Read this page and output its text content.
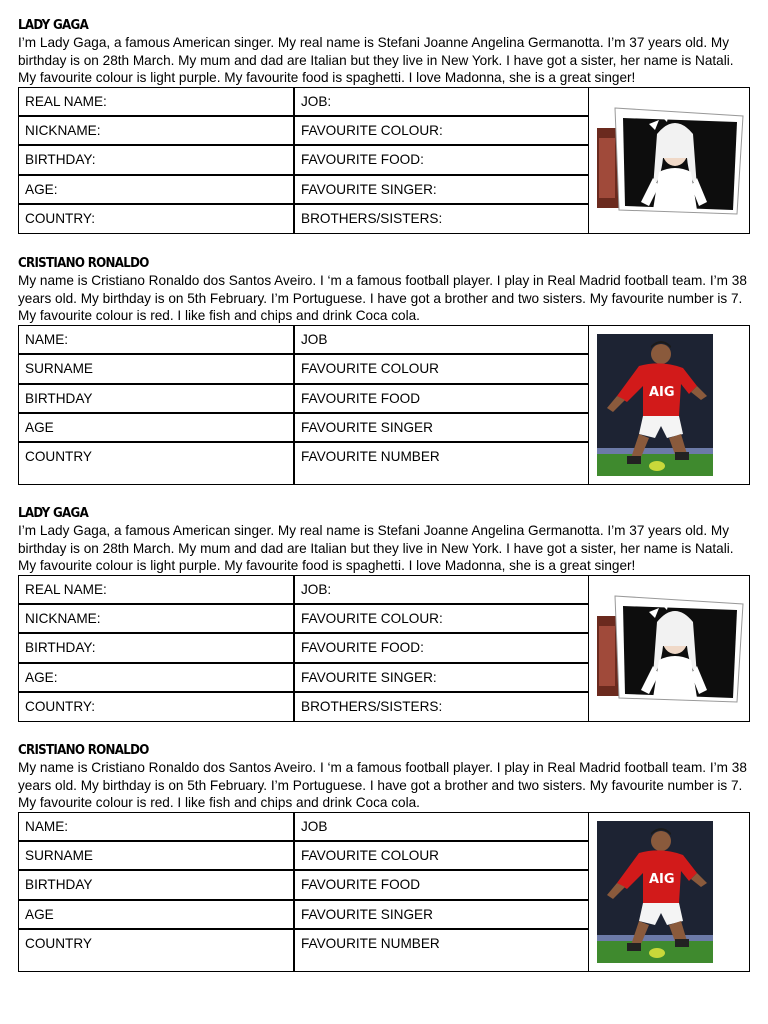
LADY GAGA

I’m Lady Gaga, a famous American singer. My real name is Stefani Joanne Angelina Germanotta. I’m 37 years old. My birthday is on 28th March. My mum and dad are Italian but they live in New York. I have got a sister, her name is Natali. My favourite colour is light purple. My favourite food is spaghetti. I love Madonna, she is a great singer!

REAL NAME:
NICKNAME:
BIRTHDAY:
AGE:
COUNTRY:
JOB:
FAVOURITE COLOUR:
FAVOURITE FOOD:
FAVOURITE SINGER:
BROTHERS/SISTERS:
CRISTIANO RONALDO

My name is Cristiano Ronaldo dos Santos Aveiro. I ‘m a famous football player. I play in Real Madrid football team. I’m 38 years old. My birthday is on 5th February. I’m Portuguese. I have got a brother and two sisters. My favourite number is 7. My favourite colour is red. I like fish and chips and drink Coca cola.

NAME:
SURNAME
BIRTHDAY
AGE
COUNTRY
JOB
FAVOURITE COLOUR
FAVOURITE FOOD
FAVOURITE SINGER
FAVOURITE NUMBER
AIG
LADY GAGA

I’m Lady Gaga, a famous American singer. My real name is Stefani Joanne Angelina Germanotta. I’m 37 years old. My birthday is on 28th March. My mum and dad are Italian but they live in New York. I have got a sister, her name is Natali. My favourite colour is light purple. My favourite food is spaghetti. I love Madonna, she is a great singer!

REAL NAME:
NICKNAME:
BIRTHDAY:
AGE:
COUNTRY:
JOB:
FAVOURITE COLOUR:
FAVOURITE FOOD:
FAVOURITE SINGER:
BROTHERS/SISTERS:
CRISTIANO RONALDO

My name is Cristiano Ronaldo dos Santos Aveiro. I ‘m a famous football player. I play in Real Madrid football team. I’m 38 years old. My birthday is on 5th February. I’m Portuguese. I have got a brother and two sisters. My favourite number is 7. My favourite colour is red. I like fish and chips and drink Coca cola.

NAME:
SURNAME
BIRTHDAY
AGE
COUNTRY
JOB
FAVOURITE COLOUR
FAVOURITE FOOD
FAVOURITE SINGER
FAVOURITE NUMBER
AIG
